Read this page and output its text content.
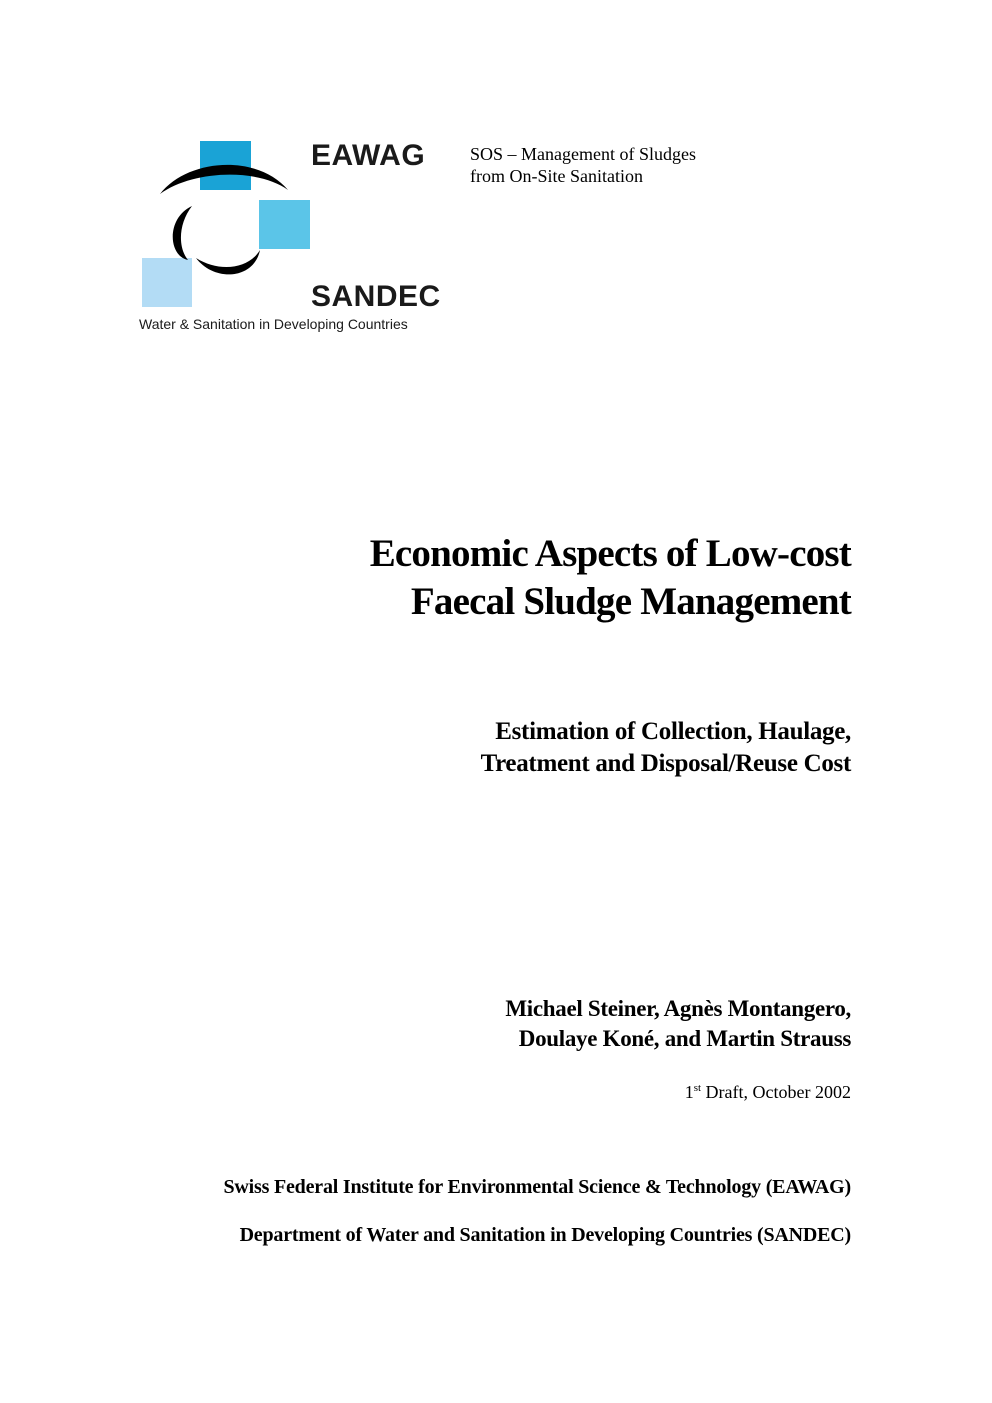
EAWAG
SANDEC
Water & Sanitation in Developing Countries
SOS – Management of Sludges
from On-Site Sanitation
Economic Aspects of Low-cost
Faecal Sludge Management
Estimation of Collection, Haulage,
Treatment and Disposal/Reuse Cost
Michael Steiner, Agnès Montangero,
Doulaye Koné, and Martin Strauss
1st Draft, October 2002
Swiss Federal Institute for Environmental Science & Technology (EAWAG)
Department of Water and Sanitation in Developing Countries (SANDEC)
